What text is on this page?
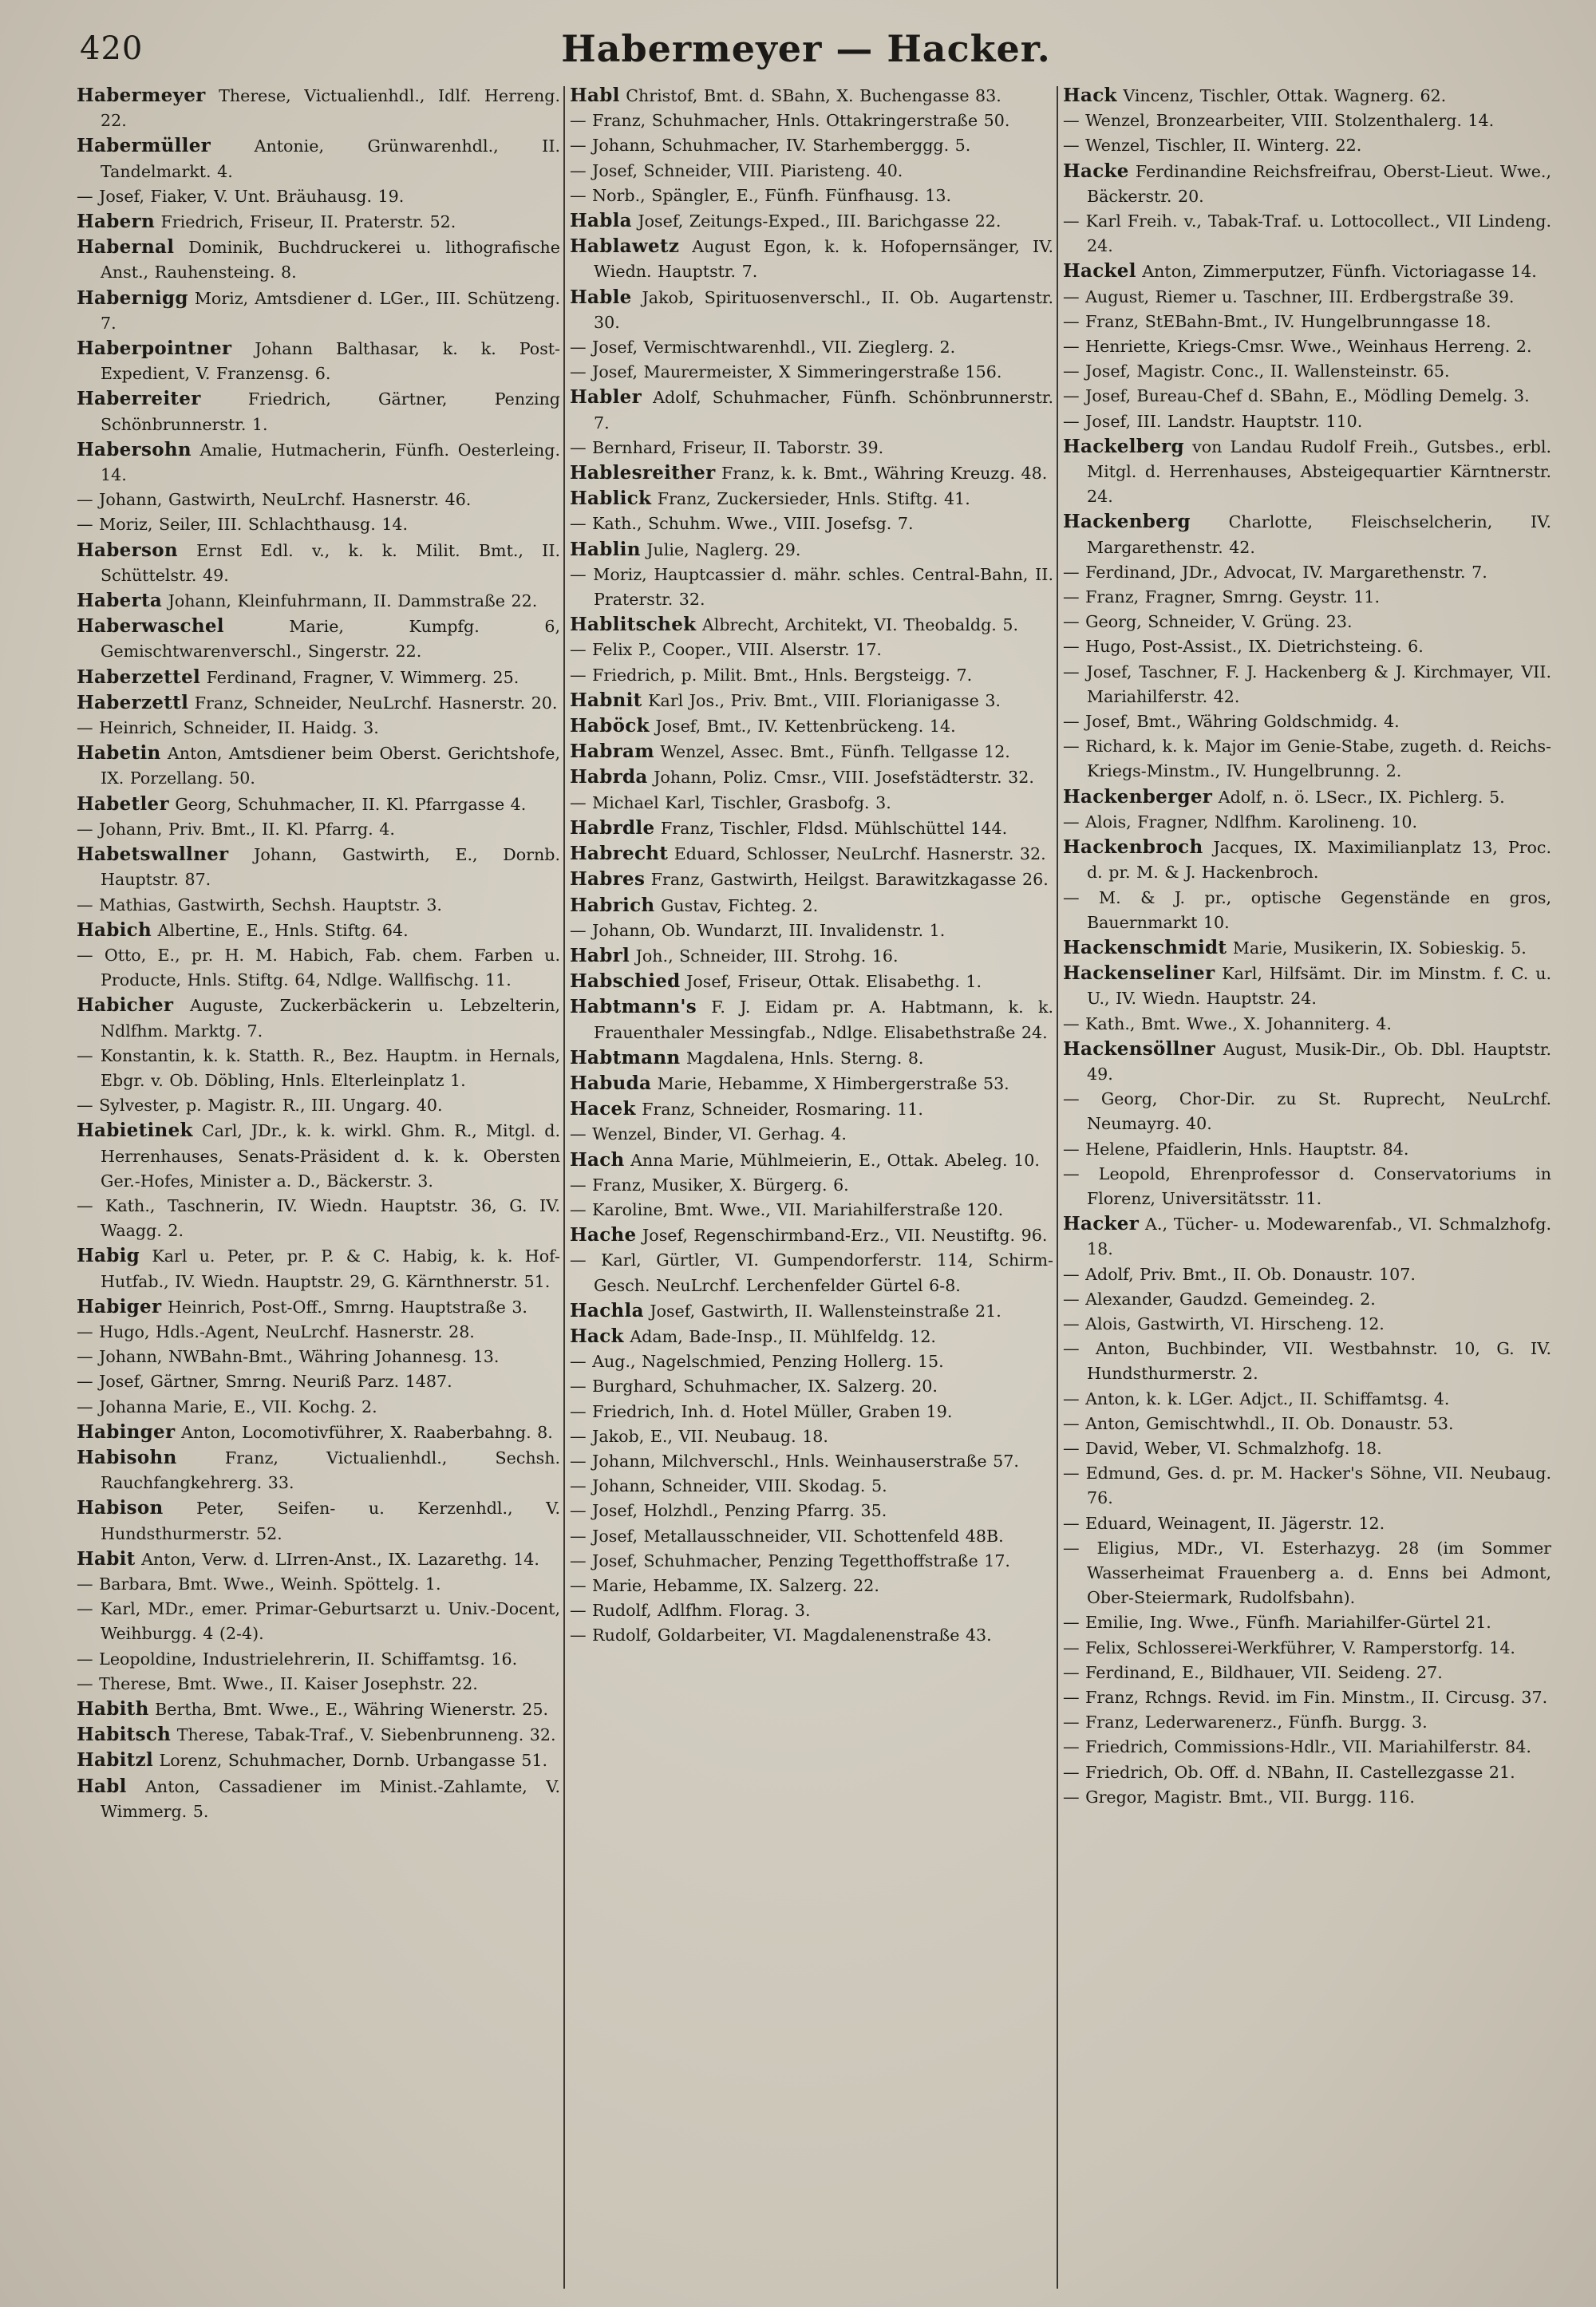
420	Habermeyer — Hacker.
Habermeyer Therese, Victualienhdl., Idlf. Herreng. 22.
Habermüller	Antonie, Grünwarenhdl., II. Tandelmarkt. 4.
— Josef, Fiaker, V. Unt. Bräuhausg. 19.
Habern Friedrich, Friseur, II. Praterstr. 52.
Habernal Dominik, Buchdruckerei u. lithografische Anst., Rauhensteing. 8.
Habernigg Moriz, Amtsdiener d. LGer., III. Schützeng. 7.
Haberpointner Johann Balthasar, k. k. Post-Expedient, V. Franzensg. 6.
Haberreiter	Friedrich, Gärtner, Penzing Schönbrunnerstr. 1.
Habersohn Amalie, Hutmacherin, Fünfh. Oesterleing. 14.
— Johann, Gastwirth, NeuLrchf. Hasnerstr. 46.
— Moriz, Seiler, III. Schlachthausg. 14.
Haberson Ernst Edl. v., k. k. Milit. Bmt., II. Schüttelstr. 49.
Haberta Johann, Kleinfuhrmann, II. Dammstraße 22.
Haberwaschel	Marie, Kumpfg. 6, Gemischtwarenverschl., Singerstr. 22.
Haberzettel Ferdinand, Fragner, V. Wimmerg. 25.
Haberzettl Franz, Schneider, NeuLrchf. Hasnerstr. 20.
— Heinrich, Schneider, II. Haidg. 3.
Habetin Anton, Amtsdiener beim Oberst. Gerichtshofe, IX. Porzellang. 50.
Habetler Georg, Schuhmacher, II. Kl. Pfarrgasse 4.
— Johann, Priv. Bmt., II. Kl. Pfarrg. 4.
Habetswallner Johann, Gastwirth, E., Dornb. Hauptstr. 87.
— Mathias, Gastwirth, Sechsh. Hauptstr. 3.
Habich Albertine, E., Hnls. Stiftg. 64.
— Otto, E., pr. H. M. Habich, Fab. chem. Farben u. Producte, Hnls. Stiftg. 64, Ndlge. Wallfischg. 11.
Habicher Auguste, Zuckerbäckerin u. Lebzelterin, Ndlfhm. Marktg. 7.
— Konstantin, k. k. Statth. R., Bez. Hauptm. in Hernals, Ebgr. v. Ob. Döbling, Hnls. Elterleinplatz 1.
— Sylvester, p. Magistr. R., III. Ungarg. 40.
Habietinek Carl, JDr., k. k. wirkl. Ghm. R., Mitgl. d. Herrenhauses, Senats-Präsident d. k. k. Obersten Ger.-Hofes, Minister a. D., Bäckerstr. 3.
— Kath., Taschnerin, IV. Wiedn. Hauptstr. 36, G. IV. Waagg. 2.
Habig Karl u. Peter, pr. P. & C. Habig, k. k. Hof-Hutfab., IV. Wiedn. Hauptstr. 29, G. Kärnthnerstr. 51.
Habiger Heinrich, Post-Off., Smrng. Hauptstraße 3.
— Hugo, Hdls.-Agent, NeuLrchf. Hasnerstr. 28.
— Johann, NWBahn-Bmt., Währing Johannesg. 13.
— Josef, Gärtner, Smrng. Neuriß Parz. 1487.
— Johanna Marie, E., VII. Kochg. 2.
Habinger Anton, Locomotivführer, X. Raaberbahng. 8.
Habisohn	Franz, Victualienhdl., Sechsh. Rauchfangkehrerg. 33.
Habison Peter, Seifen- u. Kerzenhdl., V. Hundsthurmerstr. 52.
Habit Anton, Verw. d. LIrren-Anst., IX. Lazarethg. 14.
— Barbara, Bmt. Wwe., Weinh. Spöttelg. 1.
— Karl, MDr., emer. Primar-Geburtsarzt u. Univ.-Docent, Weihburgg. 4 (2-4).
— Leopoldine, Industrielehrerin, II. Schiffamtsg. 16.
— Therese, Bmt. Wwe., II. Kaiser Josephstr. 22.
Habith Bertha, Bmt. Wwe., E., Währing Wienerstr. 25.
Habitsch Therese, Tabak-Traf., V. Siebenbrunneng. 32.
Habitzl Lorenz, Schuhmacher, Dornb. Urbangasse 51.
Habl Anton, Cassadiener im Minist.-Zahlamte, V. Wimmerg. 5.
Habl Christof, Bmt. d. SBahn, X. Buchengasse 83.
— Franz, Schuhmacher, Hnls. Ottakringerstraße 50.
— Johann, Schuhmacher, IV. Starhemberggg. 5.
— Josef, Schneider, VIII. Piaristeng. 40.
— Norb., Spängler, E., Fünfh. Fünfhausg. 13.
Habla Josef, Zeitungs-Exped., III. Barichgasse 22.
Hablawetz August Egon, k. k. Hofopernsänger, IV. Wiedn. Hauptstr. 7.
Hable Jakob, Spirituosenverschl., II. Ob. Augartenstr. 30.
— Josef, Vermischtwarenhdl., VII. Zieglerg. 2.
— Josef, Maurermeister, X Simmeringerstraße 156.
Habler Adolf, Schuhmacher, Fünfh. Schönbrunnerstr. 7.
— Bernhard, Friseur, II. Taborstr. 39.
Hablesreither Franz, k. k. Bmt., Währing Kreuzg. 48.
Hablick Franz, Zuckersieder, Hnls. Stiftg. 41.
— Kath., Schuhm. Wwe., VIII. Josefsg. 7.
Hablin Julie, Naglerg. 29.
— Moriz, Hauptcassier d. mähr. schles. Central-Bahn, II. Praterstr. 32.
Hablitschek Albrecht, Architekt, VI. Theobaldg. 5.
— Felix P., Cooper., VIII. Alserstr. 17.
— Friedrich, p. Milit. Bmt., Hnls. Bergsteigg. 7.
Habnit Karl Jos., Priv. Bmt., VIII. Florianigasse 3.
Haböck Josef, Bmt., IV. Kettenbrückeng. 14.
Habram Wenzel, Assec. Bmt., Fünfh. Tellgasse 12.
Habrda Johann, Poliz. Cmsr., VIII. Josefstädterstr. 32.
— Michael Karl, Tischler, Grasbofg. 3.
Habrdle Franz, Tischler, Fldsd. Mühlschüttel 144.
Habrecht Eduard, Schlosser, NeuLrchf. Hasnerstr. 32.
Habres Franz, Gastwirth, Heilgst. Barawitzkagasse 26.
Habrich Gustav, Fichteg. 2.
— Johann, Ob. Wundarzt, III. Invalidenstr. 1.
Habrl Joh., Schneider, III. Strohg. 16.
Habschied Josef, Friseur, Ottak. Elisabethg. 1.
Habtmann's F. J. Eidam pr. A. Habtmann, k. k. Frauenthaler Messingfab., Ndlge. Elisabethstraße 24.
Habtmann Magdalena, Hnls. Sterng. 8.
Habuda Marie, Hebamme, X Himbergerstraße 53.
Hacek Franz, Schneider, Rosmaring. 11.
— Wenzel, Binder, VI. Gerhag. 4.
Hach Anna Marie, Mühlmeierin, E., Ottak. Abeleg. 10.
— Franz, Musiker, X. Bürgerg. 6.
— Karoline, Bmt. Wwe., VII. Mariahilferstraße 120.
Hache Josef, Regenschirmband-Erz., VII. Neustiftg. 96.
— Karl, Gürtler, VI. Gumpendorferstr. 114, Schirm-Gesch. NeuLrchf. Lerchenfelder Gürtel 6-8.
Hachla Josef, Gastwirth, II. Wallensteinstraße 21.
Hack Adam, Bade-Insp., II. Mühlfeldg. 12.
— Aug., Nagelschmied, Penzing Hollerg. 15.
— Burghard, Schuhmacher, IX. Salzerg. 20.
— Friedrich, Inh. d. Hotel Müller, Graben 19.
— Jakob, E., VII. Neubaug. 18.
— Johann, Milchverschl., Hnls. Weinhauserstraße 57.
— Johann, Schneider, VIII. Skodag. 5.
— Josef, Holzhdl., Penzing Pfarrg. 35.
— Josef, Metallausschneider, VII. Schottenfeld 48B.
— Josef, Schuhmacher, Penzing Tegetthoffstraße 17.
— Marie, Hebamme, IX. Salzerg. 22.
— Rudolf, Adlfhm. Florag. 3.
— Rudolf, Goldarbeiter, VI. Magdalenenstraße 43.
Hack Vincenz, Tischler, Ottak. Wagnerg. 62.
— Wenzel, Bronzearbeiter, VIII. Stolzenthalerg. 14.
— Wenzel, Tischler, II. Winterg. 22.
Hacke Ferdinandine Reichsfreifrau, Oberst-Lieut. Wwe., Bäckerstr. 20.
— Karl Freih. v., Tabak-Traf. u. Lottocollect., VII Lindeng. 24.
Hackel Anton, Zimmerputzer, Fünfh. Victoriagasse 14.
— August, Riemer u. Taschner, III. Erdbergstraße 39.
— Franz, StEBahn-Bmt., IV. Hungelbrunngasse 18.
— Henriette, Kriegs-Cmsr. Wwe., Weinhaus Herreng. 2.
— Josef, Magistr. Conc., II. Wallensteinstr. 65.
— Josef, Bureau-Chef d. SBahn, E., Mödling Demelg. 3.
— Josef, III. Landstr. Hauptstr. 110.
Hackelberg von Landau Rudolf Freih., Gutsbes., erbl. Mitgl. d. Herrenhauses, Absteigequartier Kärntnerstr. 24.
Hackenberg Charlotte, Fleischselcherin, IV. Margarethenstr. 42.
— Ferdinand, JDr., Advocat, IV. Margarethenstr. 7.
— Franz, Fragner, Smrng. Geystr. 11.
— Georg, Schneider, V. Grüng. 23.
— Hugo, Post-Assist., IX. Dietrichsteing. 6.
— Josef, Taschner, F. J. Hackenberg & J. Kirchmayer, VII. Mariahilferstr. 42.
— Josef, Bmt., Währing Goldschmidg. 4.
— Richard, k. k. Major im Genie-Stabe, zugeth. d. Reichs-Kriegs-Minstm., IV. Hungelbrunng. 2.
Hackenberger Adolf, n. ö. LSecr., IX. Pichlerg. 5.
— Alois, Fragner, Ndlfhm. Karolineng. 10.
Hackenbroch Jacques, IX. Maximilianplatz 13, Proc. d. pr. M. & J. Hackenbroch.
— M. & J. pr., optische Gegenstände en gros, Bauernmarkt 10.
Hackenschmidt Marie, Musikerin, IX. Sobieskig. 5.
Hackenseliner Karl, Hilfsämt. Dir. im Minstm. f. C. u. U., IV. Wiedn. Hauptstr. 24.
— Kath., Bmt. Wwe., X. Johanniterg. 4.
Hackensöllner August, Musik-Dir., Ob. Dbl. Hauptstr. 49.
— Georg, Chor-Dir. zu St. Ruprecht, NeuLrchf. Neumayrg. 40.
— Helene, Pfaidlerin, Hnls. Hauptstr. 84.
— Leopold, Ehrenprofessor d. Conservatoriums in Florenz, Universitätsstr. 11.
Hacker A., Tücher- u. Modewarenfab., VI. Schmalzhofg. 18.
— Adolf, Priv. Bmt., II. Ob. Donaustr. 107.
— Alexander, Gaudzd. Gemeindeg. 2.
— Alois, Gastwirth, VI. Hirscheng. 12.
— Anton, Buchbinder, VII. Westbahnstr. 10, G. IV. Hundsthurmerstr. 2.
— Anton, k. k. LGer. Adjct., II. Schiffamtsg. 4.
— Anton, Gemischtwhdl., II. Ob. Donaustr. 53.
— David, Weber, VI. Schmalzhofg. 18.
— Edmund, Ges. d. pr. M. Hacker's Söhne, VII. Neubaug. 76.
— Eduard, Weinagent, II. Jägerstr. 12.
— Eligius, MDr., VI. Esterhazyg. 28 (im Sommer Wasserheimat Frauenberg a. d. Enns bei Admont, Ober-Steiermark, Rudolfsbahn).
— Emilie, Ing. Wwe., Fünfh. Mariahilfer-Gürtel 21.
— Felix, Schlosserei-Werkführer, V. Ramperstorfg. 14.
— Ferdinand, E., Bildhauer, VII. Seideng. 27.
— Franz, Rchngs. Revid. im Fin. Minstm., II. Circusg. 37.
— Franz, Lederwarenerz., Fünfh. Burgg. 3.
— Friedrich, Commissions-Hdlr., VII. Mariahilferstr. 84.
— Friedrich, Ob. Off. d. NBahn, II. Castellezgasse 21.
— Gregor, Magistr. Bmt., VII. Burgg. 116.
